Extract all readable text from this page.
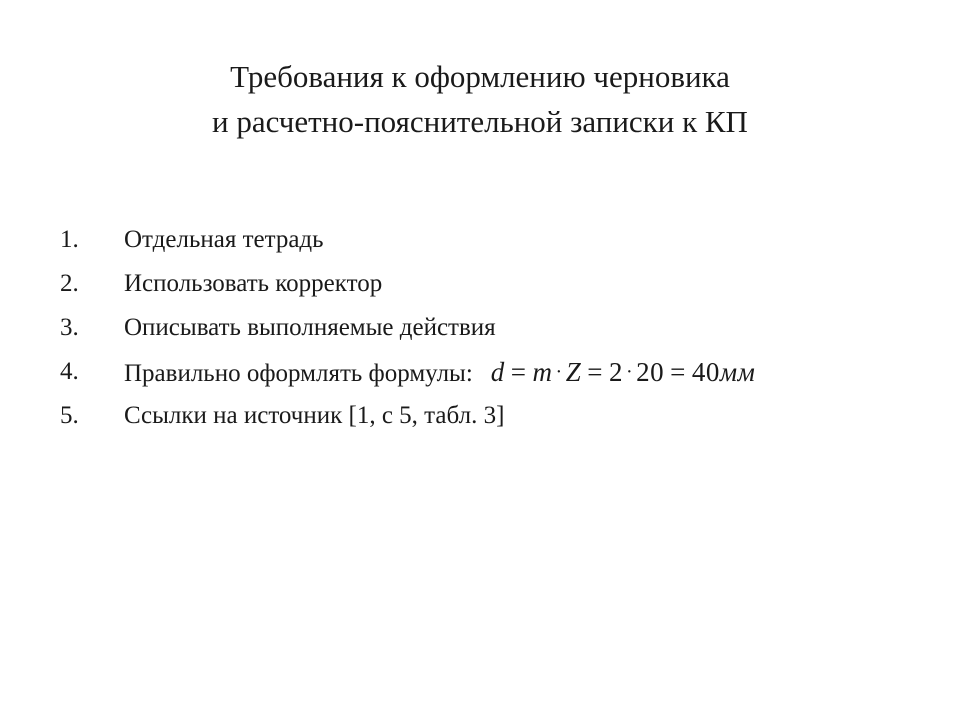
Требования к оформлению черновика
и расчетно-пояснительной записки к КП
1.	Отдельная тетрадь
2.	Использовать корректор
3.	Описывать выполняемые действия
4.	Правильно оформлять формулы: d = m · Z = 2 · 20 = 40мм
5.	Ссылки на источник [1, с 5, табл. 3]
